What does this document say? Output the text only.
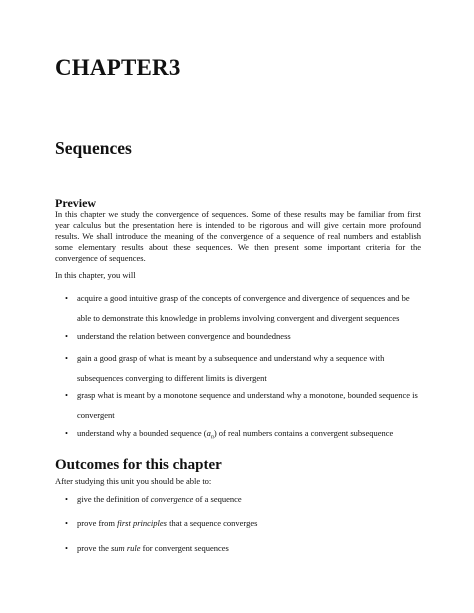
CHAPTER3
Sequences
Preview

In this chapter we study the convergence of sequences. Some of these results may be familiar from first year calculus but the presentation here is intended to be rigorous and will give certain more profound results. We shall introduce the meaning of the convergence of a sequence of real numbers and establish some elementary results about these sequences. We then present some important criteria for the convergence of sequences.

In this chapter, you will

• acquire a good intuitive grasp of the concepts of convergence and divergence of sequences and be able to demonstrate this knowledge in problems involving convergent and divergent sequences
• understand the relation between convergence and boundedness
• gain a good grasp of what is meant by a subsequence and understand why a sequence with subsequences converging to different limits is divergent
• grasp what is meant by a monotone sequence and understand why a monotone, bounded sequence is convergent
• understand why a bounded sequence $(a_n)$ of real numbers contains a convergent subsequence
Outcomes for this chapter

After studying this unit you should be able to:

• give the definition of convergence of a sequence
• prove from first principles that a sequence converges
• prove the sum rule for convergent sequences
